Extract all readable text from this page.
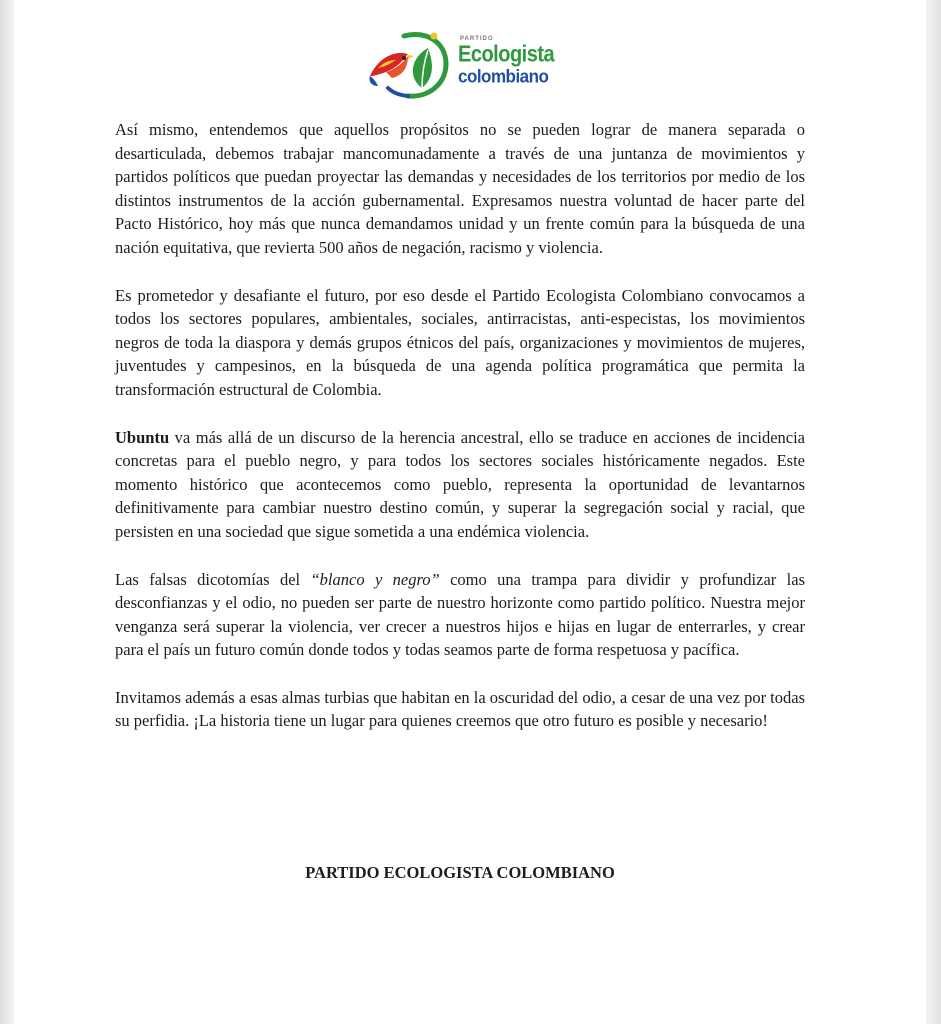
PARTIDO
Ecologista
colombiano

Así mismo, entendemos que aquellos propósitos no se pueden lograr de manera separada o desarticulada, debemos trabajar mancomunadamente a través de una juntanza de movimientos y partidos políticos que puedan proyectar las demandas y necesidades de los territorios por medio de los distintos instrumentos de la acción gubernamental. Expresamos nuestra voluntad de hacer parte del Pacto Histórico, hoy más que nunca demandamos unidad y un frente común para la búsqueda de una nación equitativa, que revierta 500 años de negación, racismo y violencia.

Es prometedor y desafiante el futuro, por eso desde el Partido Ecologista Colombiano convocamos a todos los sectores populares, ambientales, sociales, antirracistas, anti-especistas, los movimientos negros de toda la diaspora y demás grupos étnicos del país, organizaciones y movimientos de mujeres, juventudes y campesinos, en la búsqueda de una agenda política programática que permita la transformación estructural de Colombia.

Ubuntu va más allá de un discurso de la herencia ancestral, ello se traduce en acciones de incidencia concretas para el pueblo negro, y para todos los sectores sociales históricamente negados. Este momento histórico que acontecemos como pueblo, representa la oportunidad de levantarnos definitivamente para cambiar nuestro destino común, y superar la segregación social y racial, que persisten en una sociedad que sigue sometida a una endémica violencia.

Las falsas dicotomías del “blanco y negro” como una trampa para dividir y profundizar las desconfianzas y el odio, no pueden ser parte de nuestro horizonte como partido político. Nuestra mejor venganza será superar la violencia, ver crecer a nuestros hijos e hijas en lugar de enterrarles, y crear para el país un futuro común donde todos y todas seamos parte de forma respetuosa y pacífica.

Invitamos además a esas almas turbias que habitan en la oscuridad del odio, a cesar de una vez por todas su perfidia. ¡La historia tiene un lugar para quienes creemos que otro futuro es posible y necesario!

PARTIDO ECOLOGISTA COLOMBIANO
